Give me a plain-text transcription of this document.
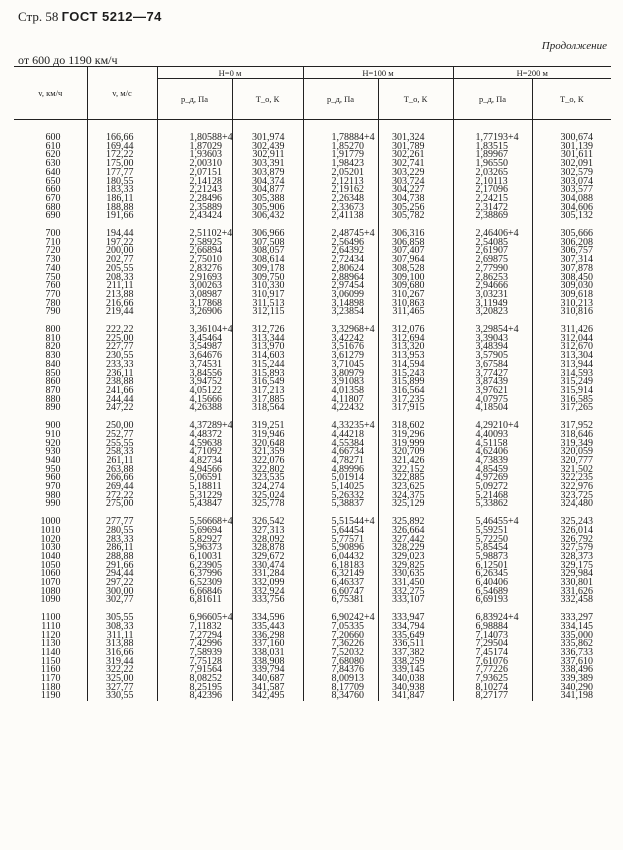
Стр. 58 ГОСТ 5212—74
Продолжение
от 600 до 1190 км/ч
v, км/ч	v, м/с	H=0 м		H=100 м		H=200 м	
		p_д, Па	T_о, К	p_д, Па	T_о, К	p_д, Па	T_о, К
600	166,66	1,80588+4	301,974	1,78884+4	301,324	1,77193+4	300,674
610	169,44	1,87029	302,439	1,85270	301,789	1,83515	301,139
620	172,22	1,93603	302,911	1,91779	302,261	1,89967	301,611
630	175,00	2,00310	303,391	1,98423	302,741	1,96550	302,091
640	177,77	2,07151	303,879	2,05201	303,229	2,03265	302,579
650	180,55	2,14128	304,374	2,12113	303,724	2,10113	303,074
660	183,33	2,21243	304,877	2,19162	304,227	2,17096	303,577
670	186,11	2,28496	305,388	2,26348	304,738	2,24215	304,088
680	188,88	2,35889	305,906	2,33673	305,256	2,31472	304,606
690	191,66	2,43424	306,432	2,41138	305,782	2,38869	305,132
700	194,44	2,51102+4	306,966	2,48745+4	306,316	2,46406+4	305,666
710	197,22	2,58925	307,508	2,56496	306,858	2,54085	306,208
720	200,00	2,66894	308,057	2,64392	307,407	2,61907	306,757
730	202,77	2,75010	308,614	2,72434	307,964	2,69875	307,314
740	205,55	2,83276	309,178	2,80624	308,528	2,77990	307,878
750	208,33	2,91693	309,750	2,88964	309,100	2,86253	308,450
760	211,11	3,00263	310,330	2,97454	309,680	2,94666	309,030
770	213,88	3,08987	310,917	3,06099	310,267	3,03231	309,618
780	216,66	3,17868	311,513	3,14898	310,863	3,11949	310,213
790	219,44	3,26906	312,115	3,23854	311,465	3,20823	310,816
800	222,22	3,36104+4	312,726	3,32968+4	312,076	3,29854+4	311,426
810	225,00	3,45464	313,344	3,42242	312,694	3,39043	312,044
820	227,77	3,54987	313,970	3,51676	313,320	3,48394	312,670
830	230,55	3,64676	314,603	3,61279	313,953	3,57905	313,304
840	233,33	3,74531	315,244	3,71045	314,594	3,67584	313,944
850	236,11	3,84556	315,893	3,80979	315,243	3,77427	314,593
860	238,88	3,94752	316,549	3,91083	315,899	3,87439	315,249
870	241,66	4,05122	317,213	4,01358	316,564	3,97621	315,914
880	244,44	4,15666	317,885	4,11807	317,235	4,07975	316,585
890	247,22	4,26388	318,564	4,22432	317,915	4,18504	317,265
900	250,00	4,37289+4	319,251	4,33235+4	318,602	4,29210+4	317,952
910	252,77	4,48372	319,946	4,44218	319,296	4,40093	318,646
920	255,55	4,59638	320,648	4,55384	319,999	4,51158	319,349
930	258,33	4,71092	321,359	4,66734	320,709	4,62406	320,059
940	261,11	4,82734	322,076	4,78271	321,426	4,73839	320,777
950	263,88	4,94566	322,802	4,89996	322,152	4,85459	321,502
960	266,66	5,06591	323,535	5,01914	322,885	4,97269	322,235
970	269,44	5,18811	324,274	5,14025	323,625	5,09272	322,976
980	272,22	5,31229	325,024	5,26332	324,375	5,21468	323,725
990	275,00	5,43847	325,778	5,38837	325,129	5,33862	324,480
1000	277,77	5,56668+4	326,542	5,51544+4	325,892	5,46455+4	325,243
1010	280,55	5,69694	327,313	5,64454	326,664	5,59251	326,014
1020	283,33	5,82927	328,092	5,77571	327,442	5,72250	326,792
1030	286,11	5,96373	328,878	5,90896	328,229	5,85454	327,579
1040	288,88	6,10031	329,672	6,04432	329,023	5,98873	328,373
1050	291,66	6,23905	330,474	6,18183	329,825	6,12501	329,175
1060	294,44	6,37996	331,284	6,32149	330,635	6,26345	329,984
1070	297,22	6,52309	332,099	6,46337	331,450	6,40406	330,801
1080	300,00	6,66846	332,924	6,60747	332,275	6,54689	331,626
1090	302,77	6,81611	333,756	6,75381	333,107	6,69193	332,458
1100	305,55	6,96605+4	334,596	6,90242+4	333,947	6,83924+4	333,297
1110	308,33	7,11832	335,443	7,05335	334,794	6,98884	334,145
1120	311,11	7,27294	336,298	7,20660	335,649	7,14073	335,000
1130	313,88	7,42996	337,160	7,36226	336,511	7,29504	335,862
1140	316,66	7,58939	338,031	7,52032	337,382	7,45174	336,733
1150	319,44	7,75128	338,908	7,68080	338,259	7,61076	337,610
1160	322,22	7,91564	339,794	7,84376	339,145	7,77226	338,496
1170	325,00	8,08252	340,687	8,00913	340,038	7,93625	339,389
1180	327,77	8,25195	341,587	8,17709	340,938	8,10274	340,290
1190	330,55	8,42396	342,495	8,34760	341,847	8,27177	341,198
